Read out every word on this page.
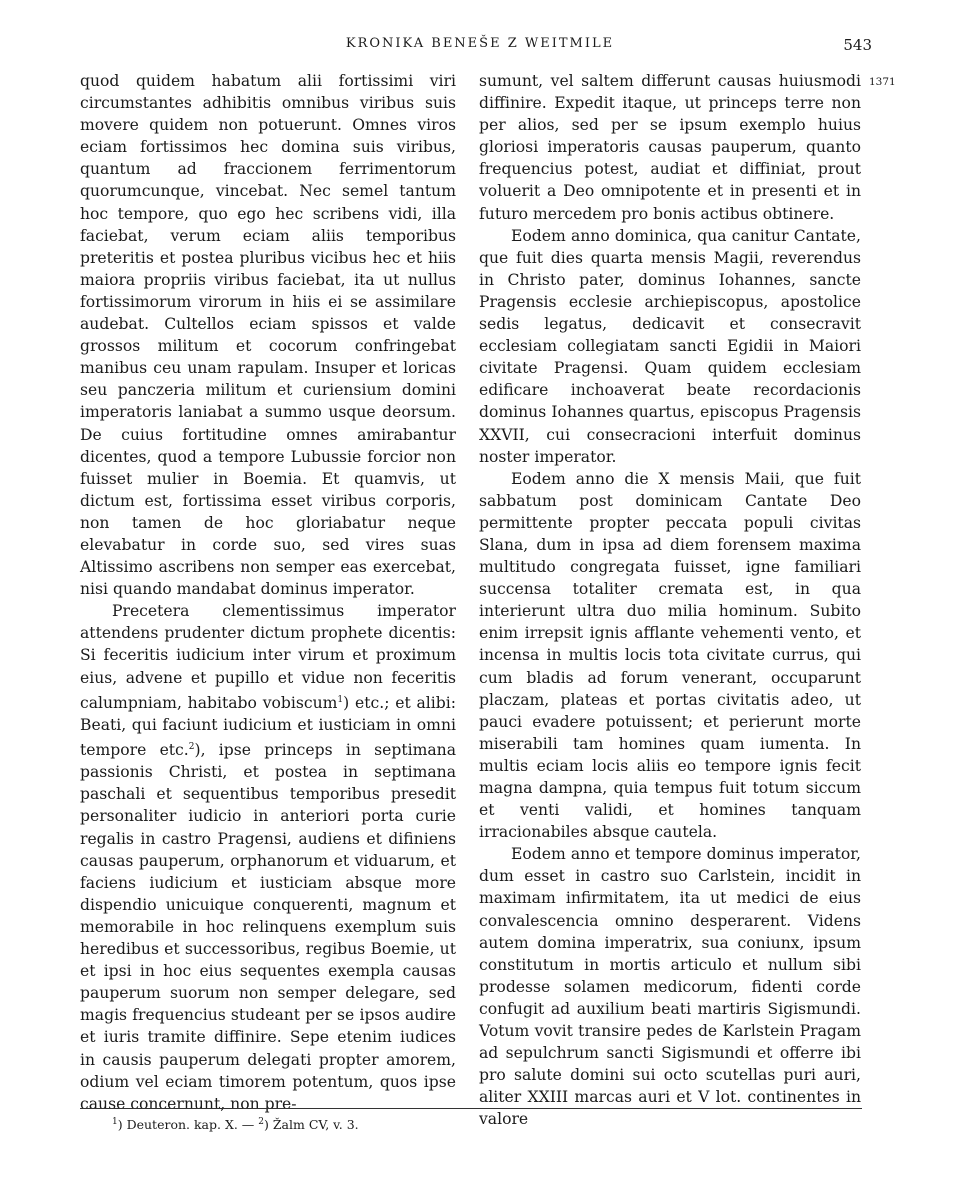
KRONIKA BENEŠE Z WEITMILE	543
1371

quod quidem habatum alii fortissimi viri circumstantes adhibitis omnibus viribus suis movere quidem non potuerunt. Omnes viros eciam fortissimos hec domina suis viribus, quantum ad fraccionem ferrimentorum quorumcunque, vincebat. Nec semel tantum hoc tempore, quo ego hec scribens vidi, illa faciebat, verum eciam aliis temporibus preteritis et postea pluribus vicibus hec et hiis maiora propriis viribus faciebat, ita ut nullus fortissimorum virorum in hiis ei se assimilare audebat. Cultellos eciam spissos et valde grossos militum et cocorum confringebat manibus ceu unam rapulam. Insuper et loricas seu panczeria militum et curiensium domini imperatoris laniabat a summo usque deorsum. De cuius fortitudine omnes amirabantur dicentes, quod a tempore Lubussie forcior non fuisset mulier in Boemia. Et quamvis, ut dictum est, fortissima esset viribus corporis, non tamen de hoc gloriabatur neque elevabatur in corde suo, sed vires suas Altissimo ascribens non semper eas exercebat, nisi quando mandabat dominus imperator.

Precetera clementissimus imperator attendens prudenter dictum prophete dicentis: Si feceritis iudicium inter virum et proximum eius, advene et pupillo et vidue non feceritis calumpniam, habitabo vobiscum$^1$) etc.; et alibi: Beati, qui faciunt iudicium et iusticiam in omni tempore etc.$^2$), ipse princeps in septimana passionis Christi, et postea in septimana paschali et sequentibus temporibus presedit personaliter iudicio in anteriori porta curie regalis in castro Pragensi, audiens et difiniens causas pauperum, orphanorum et viduarum, et faciens iudicium et iusticiam absque more dispendio unicuique conquerenti, magnum et memorabile in hoc relinquens exemplum suis heredibus et successoribus, regibus Boemie, ut et ipsi in hoc eius sequentes exempla causas pauperum suorum non semper delegare, sed magis frequencius studeant per se ipsos audire et iuris tramite diffinire. Sepe etenim iudices in causis pauperum delegati propter amorem, odium vel eciam timorem potentum, quos ipse cause concernunt, non pre-

sumunt, vel saltem differunt causas huiusmodi diffinire. Expedit itaque, ut princeps terre non per alios, sed per se ipsum exemplo huius gloriosi imperatoris causas pauperum, quanto frequencius potest, audiat et diffiniat, prout voluerit a Deo omnipotente et in presenti et in futuro mercedem pro bonis actibus obtinere.

Eodem anno dominica, qua canitur Cantate, que fuit dies quarta mensis Magii, reverendus in Christo pater, dominus Iohannes, sancte Pragensis ecclesie archiepiscopus, apostolice sedis legatus, dedicavit et consecravit ecclesiam collegiatam sancti Egidii in Maiori civitate Pragensi. Quam quidem ecclesiam edificare inchoaverat beate recordacionis dominus Iohannes quartus, episcopus Pragensis XXVII, cui consecracioni interfuit dominus noster imperator.

Eodem anno die X mensis Maii, que fuit sabbatum post dominicam Cantate Deo permittente propter peccata populi civitas Slana, dum in ipsa ad diem forensem maxima multitudo congregata fuisset, igne familiari succensa totaliter cremata est, in qua interierunt ultra duo milia hominum. Subito enim irrepsit ignis afflante vehementi vento, et incensa in multis locis tota civitate currus, qui cum bladis ad forum venerant, occuparunt placzam, plateas et portas civitatis adeo, ut pauci evadere potuissent; et perierunt morte miserabili tam homines quam iumenta. In multis eciam locis aliis eo tempore ignis fecit magna dampna, quia tempus fuit totum siccum et venti validi, et homines tanquam irracionabiles absque cautela.

Eodem anno et tempore dominus imperator, dum esset in castro suo Carlstein, incidit in maximam infirmitatem, ita ut medici de eius convalescencia omnino desperarent. Videns autem domina imperatrix, sua coniunx, ipsum constitutum in mortis articulo et nullum sibi prodesse solamen medicorum, fidenti corde confugit ad auxilium beati martiris Sigismundi. Votum vovit transire pedes de Karlstein Pragam ad sepulchrum sancti Sigismundi et offerre ibi pro salute domini sui octo scutellas puri auri, aliter XXIII marcas auri et V lot. continentes in valore

$^1$) Deuteron. kap. X. — $^2$) Žalm CV, v. 3.
